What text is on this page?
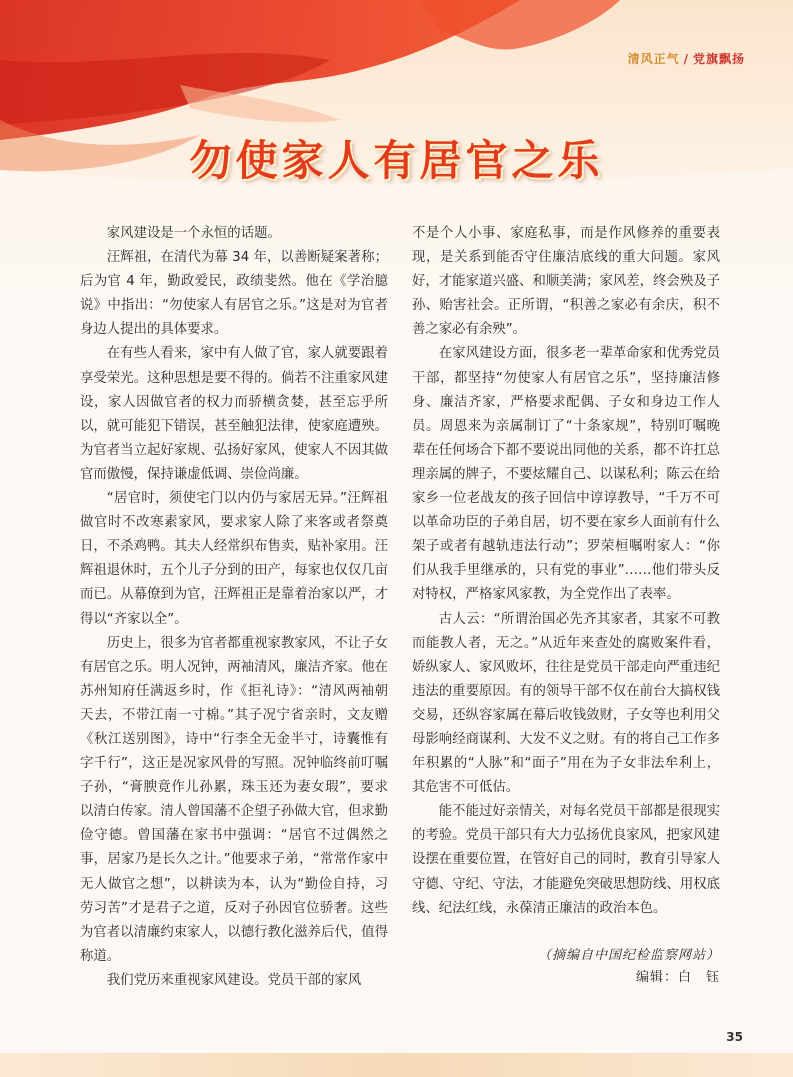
清风正气 / 党旗飘扬
勿使家人有居官之乐

家风建设是一个永恒的话题。

汪辉祖，在清代为幕 34 年，以善断疑案著称；后为官 4 年，勤政爱民，政绩斐然。他在《学治臆说》中指出：“勿使家人有居官之乐。”这是对为官者身边人提出的具体要求。

在有些人看来，家中有人做了官，家人就要跟着享受荣光。这种思想是要不得的。倘若不注重家风建设，家人因做官者的权力而骄横贪婪，甚至忘乎所以，就可能犯下错误，甚至触犯法律，使家庭遭殃。为官者当立起好家规、弘扬好家风，使家人不因其做官而傲慢，保持谦虚低调、崇俭尚廉。

“居官时，须使宅门以内仍与家居无异。”汪辉祖做官时不改寒素家风，要求家人除了来客或者祭奠日，不杀鸡鸭。其夫人经常织布售卖，贴补家用。汪辉祖退休时，五个儿子分到的田产，每家也仅仅几亩而已。从幕僚到为官，汪辉祖正是靠着治家以严，才得以“齐家以全”。

历史上，很多为官者都重视家教家风，不让子女有居官之乐。明人况钟，两袖清风，廉洁齐家。他在苏州知府任满返乡时，作《拒礼诗》：“清风两袖朝天去，不带江南一寸棉。”其子况宁省亲时，文友赠《秋江送别图》，诗中“行李全无金半寸，诗囊惟有字千行”，这正是况家风骨的写照。况钟临终前叮嘱子孙，“膏腴竟作儿孙累，珠玉还为妻女瑕”，要求以清白传家。清人曾国藩不企望子孙做大官，但求勤俭守德。曾国藩在家书中强调：“居官不过偶然之事，居家乃是长久之计。”他要求子弟，“常常作家中无人做官之想”，以耕读为本，认为“勤俭自持，习劳习苦”才是君子之道，反对子孙因官位骄奢。这些为官者以清廉约束家人，以德行教化滋养后代，值得称道。

我们党历来重视家风建设。党员干部的家风

不是个人小事、家庭私事，而是作风修养的重要表现，是关系到能否守住廉洁底线的重大问题。家风好，才能家道兴盛、和顺美满；家风差，终会殃及子孙、贻害社会。正所谓，“积善之家必有余庆，积不善之家必有余殃”。

在家风建设方面，很多老一辈革命家和优秀党员干部，都坚持“勿使家人有居官之乐”，坚持廉洁修身、廉洁齐家，严格要求配偶、子女和身边工作人员。周恩来为亲属制订了“十条家规”，特别叮嘱晚辈在任何场合下都不要说出同他的关系，都不许扛总理亲属的牌子，不要炫耀自己、以谋私利；陈云在给家乡一位老战友的孩子回信中谆谆教导，“千万不可以革命功臣的子弟自居，切不要在家乡人面前有什么架子或者有越轨违法行动”；罗荣桓嘱咐家人：“你们从我手里继承的，只有党的事业”……他们带头反对特权，严格家风家教，为全党作出了表率。

古人云：“所谓治国必先齐其家者，其家不可教而能教人者，无之。”从近年来查处的腐败案件看，娇纵家人、家风败坏，往往是党员干部走向严重违纪违法的重要原因。有的领导干部不仅在前台大搞权钱交易，还纵容家属在幕后收钱敛财，子女等也利用父母影响经商谋利、大发不义之财。有的将自己工作多年积累的“人脉”和“面子”用在为子女非法牟利上，其危害不可低估。

能不能过好亲情关，对每名党员干部都是很现实的考验。党员干部只有大力弘扬优良家风，把家风建设摆在重要位置，在管好自己的同时，教育引导家人守德、守纪、守法，才能避免突破思想防线、用权底线、纪法红线，永葆清正廉洁的政治本色。

（摘编自中国纪检监察网站）
编辑：白　钰
35
